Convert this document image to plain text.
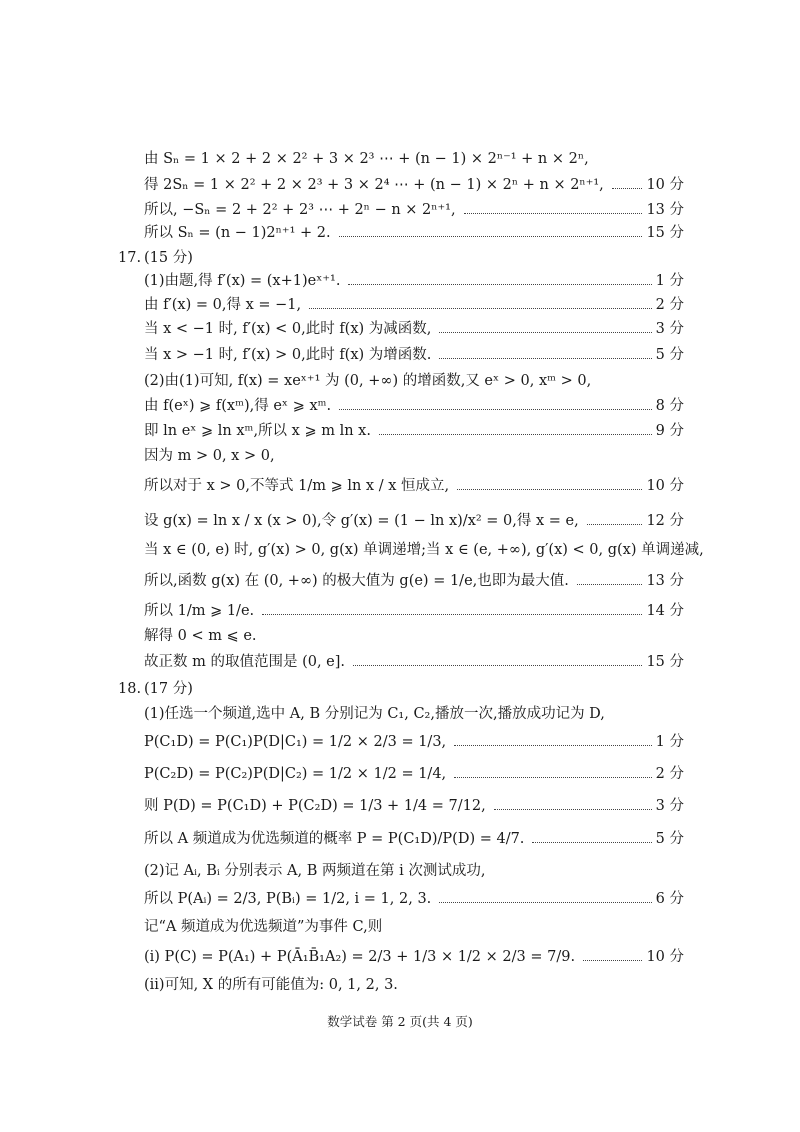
由 Sₙ = 1 × 2 + 2 × 2² + 3 × 2³ ⋯ + (n − 1) × 2ⁿ⁻¹ + n × 2ⁿ,
得 2Sₙ = 1 × 2² + 2 × 2³ + 3 × 2⁴ ⋯ + (n − 1) × 2ⁿ + n × 2ⁿ⁺¹,	10 分
所以, −Sₙ = 2 + 2² + 2³ ⋯ + 2ⁿ − n × 2ⁿ⁺¹,	13 分
所以 Sₙ = (n − 1)2ⁿ⁺¹ + 2.	15 分
17. (15 分)
(1)由题,得 f′(x) = (x+1)eˣ⁺¹.	1 分
由 f′(x) = 0,得 x = −1,	2 分
当 x < −1 时, f′(x) < 0,此时 f(x) 为减函数,	3 分
当 x > −1 时, f′(x) > 0,此时 f(x) 为增函数.	5 分
(2)由(1)可知, f(x) = xeˣ⁺¹ 为 (0, +∞) 的增函数,又 eˣ > 0, xᵐ > 0,
由 f(eˣ) ⩾ f(xᵐ),得 eˣ ⩾ xᵐ.	8 分
即 ln eˣ ⩾ ln xᵐ,所以 x ⩾ m ln x.	9 分
因为 m > 0, x > 0,
所以对于 x > 0,不等式 1/m ⩾ ln x / x 恒成立,	10 分
设 g(x) = ln x / x (x > 0),令 g′(x) = (1 − ln x)/x² = 0,得 x = e,	12 分
当 x ∈ (0, e) 时, g′(x) > 0, g(x) 单调递增;当 x ∈ (e, +∞), g′(x) < 0, g(x) 单调递减,
所以,函数 g(x) 在 (0, +∞) 的极大值为 g(e) = 1/e,也即为最大值.	13 分
所以 1/m ⩾ 1/e.	14 分
解得 0 < m ⩽ e.
故正数 m 的取值范围是 (0, e].	15 分
18. (17 分)
(1)任选一个频道,选中 A, B 分别记为 C₁, C₂,播放一次,播放成功记为 D,
P(C₁D) = P(C₁)P(D|C₁) = 1/2 × 2/3 = 1/3,	1 分
P(C₂D) = P(C₂)P(D|C₂) = 1/2 × 1/2 = 1/4,	2 分
则 P(D) = P(C₁D) + P(C₂D) = 1/3 + 1/4 = 7/12,	3 分
所以 A 频道成为优选频道的概率 P = P(C₁D)/P(D) = 4/7.	5 分
(2)记 Aᵢ, Bᵢ 分别表示 A, B 两频道在第 i 次测试成功,
所以 P(Aᵢ) = 2/3, P(Bᵢ) = 1/2, i = 1, 2, 3.	6 分
记“A 频道成为优选频道”为事件 C,则
(i) P(C) = P(A₁) + P(Ā₁B̄₁A₂) = 2/3 + 1/3 × 1/2 × 2/3 = 7/9.	10 分
(ii)可知, X 的所有可能值为: 0, 1, 2, 3.
数学试卷 第 2 页(共 4 页)
